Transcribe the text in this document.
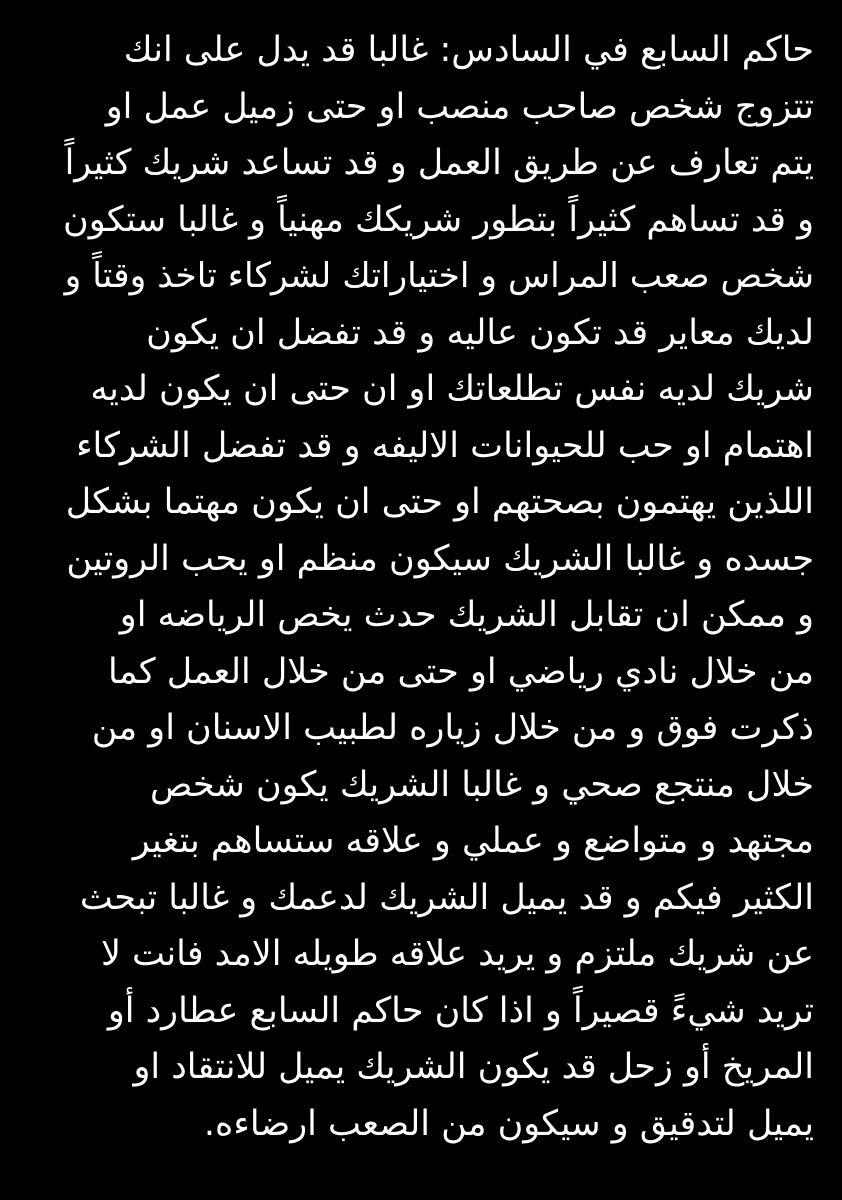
حاكم السابع في السادس: غالبا قد يدل على انك
تتزوج شخص صاحب منصب او حتى زميل عمل او
يتم تعارف عن طريق العمل و قد تساعد شريك كثيراً
و قد تساهم كثيراً بتطور شريكك مهنياً و غالبا ستكون
شخص صعب المراس و اختياراتك لشركاء تاخذ وقتاً و
لديك معاير قد تكون عاليه و قد تفضل ان يكون
شريك لديه نفس تطلعاتك او ان حتى ان يكون لديه
اهتمام او حب للحيوانات الاليفه و قد تفضل الشركاء
اللذين يهتمون بصحتهم او حتى ان يكون مهتما بشكل
جسده و غالبا الشريك سيكون منظم او يحب الروتين
و ممكن ان تقابل الشريك حدث يخص الرياضه او
من خلال نادي رياضي او حتى من خلال العمل كما
ذكرت فوق و من خلال زياره لطبيب الاسنان او من
خلال منتجع صحي و غالبا الشريك يكون شخص
مجتهد و متواضع و عملي و علاقه ستساهم بتغير
الكثير فيكم و قد يميل الشريك لدعمك و غالبا تبحث
عن شريك ملتزم و يريد علاقه طويله الامد فانت لا
تريد شيءً قصيراً و اذا كان حاكم السابع عطارد أو
المريخ أو زحل قد يكون الشريك يميل للانتقاد او
يميل لتدقيق و سيكون من الصعب ارضاءه.
